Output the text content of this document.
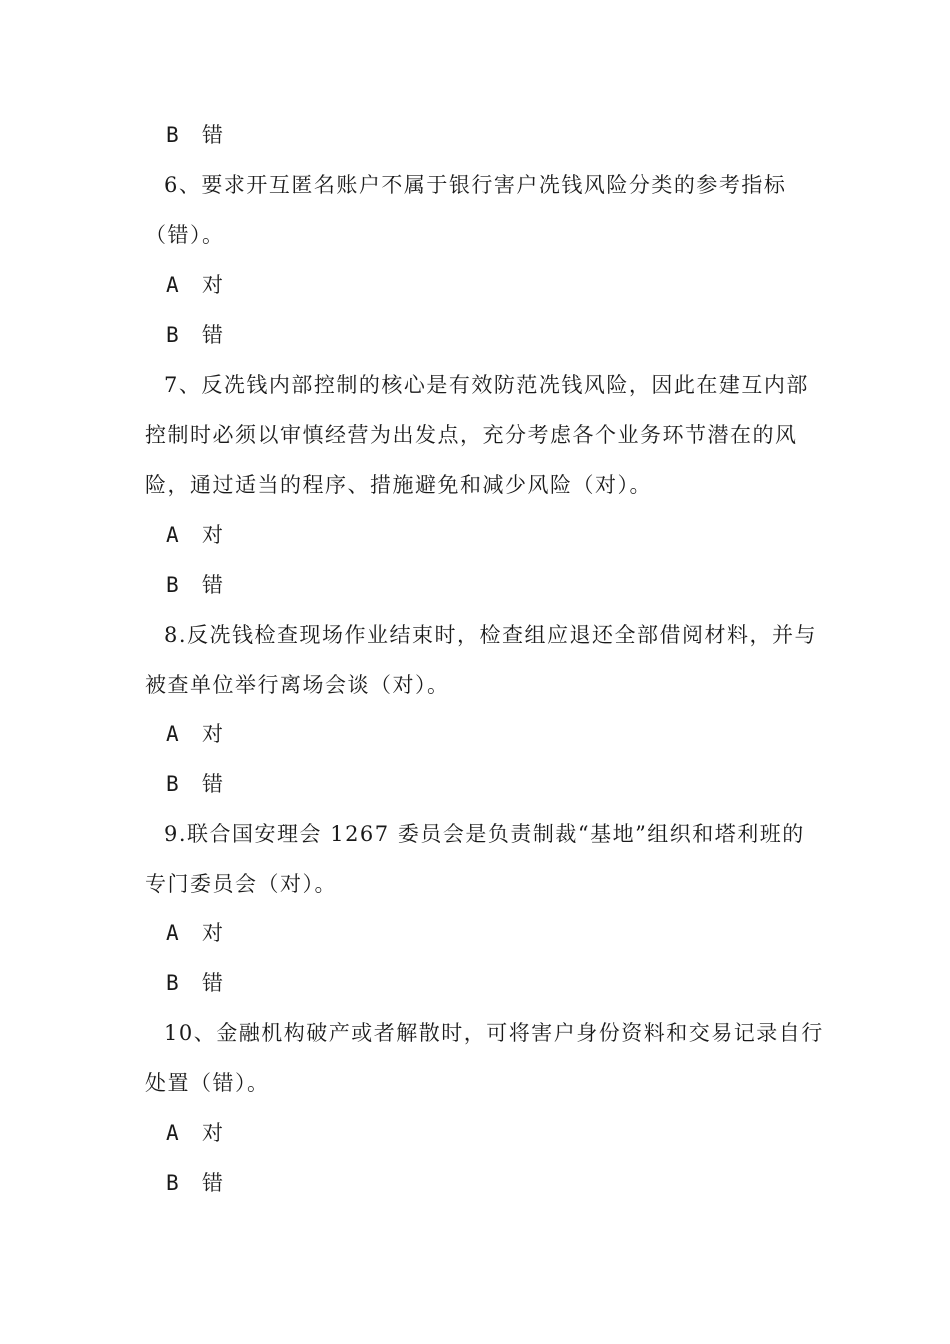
B 错
6、要求开互匿名账户不属于银行害户冼钱风险分类的参考指标
（错）。
A 对
B 错
7、反冼钱内部控制的核心是有效防范冼钱风险，因此在建互内部
控制时必须以审慎经营为出发点，充分考虑各个业务环节潜在的风
险，通过适当的程序、措施避免和减少风险（对）。
A 对
B 错
8.反冼钱检查现场作业结束时，检查组应退还全部借阅材料，并与
被查单位举行离场会谈（对）。
A 对
B 错
9.联合国安理会 1267 委员会是负责制裁“基地”组织和塔利班的
专门委员会（对）。
A 对
B 错
10、金融机构破产或者解散时，可将害户身份资料和交易记录自行
处置（错）。
A 对
B 错
